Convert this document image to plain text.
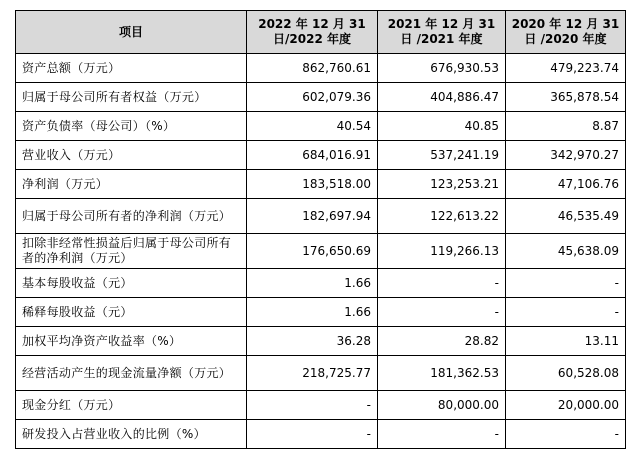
项目	2022 年 12 月 31 日/2022 年度	2021 年 12 月 31 日 /2021 年度	2020 年 12 月 31 日 /2020 年度
资产总额（万元）	862,760.61	676,930.53	479,223.74
归属于母公司所有者权益（万元）	602,079.36	404,886.47	365,878.54
资产负债率（母公司）（%）	40.54	40.85	8.87
营业收入（万元）	684,016.91	537,241.19	342,970.27
净利润（万元）	183,518.00	123,253.21	47,106.76
归属于母公司所有者的净利润（万元）	182,697.94	122,613.22	46,535.49
扣除非经常性损益后归属于母公司所有者的净利润（万元）	176,650.69	119,266.13	45,638.09
基本每股收益（元）	1.66	-	-
稀释每股收益（元）	1.66	-	-
加权平均净资产收益率（%）	36.28	28.82	13.11
经营活动产生的现金流量净额（万元）	218,725.77	181,362.53	60,528.08
现金分红（万元）	-	80,000.00	20,000.00
研发投入占营业收入的比例（%）	-	-	-
